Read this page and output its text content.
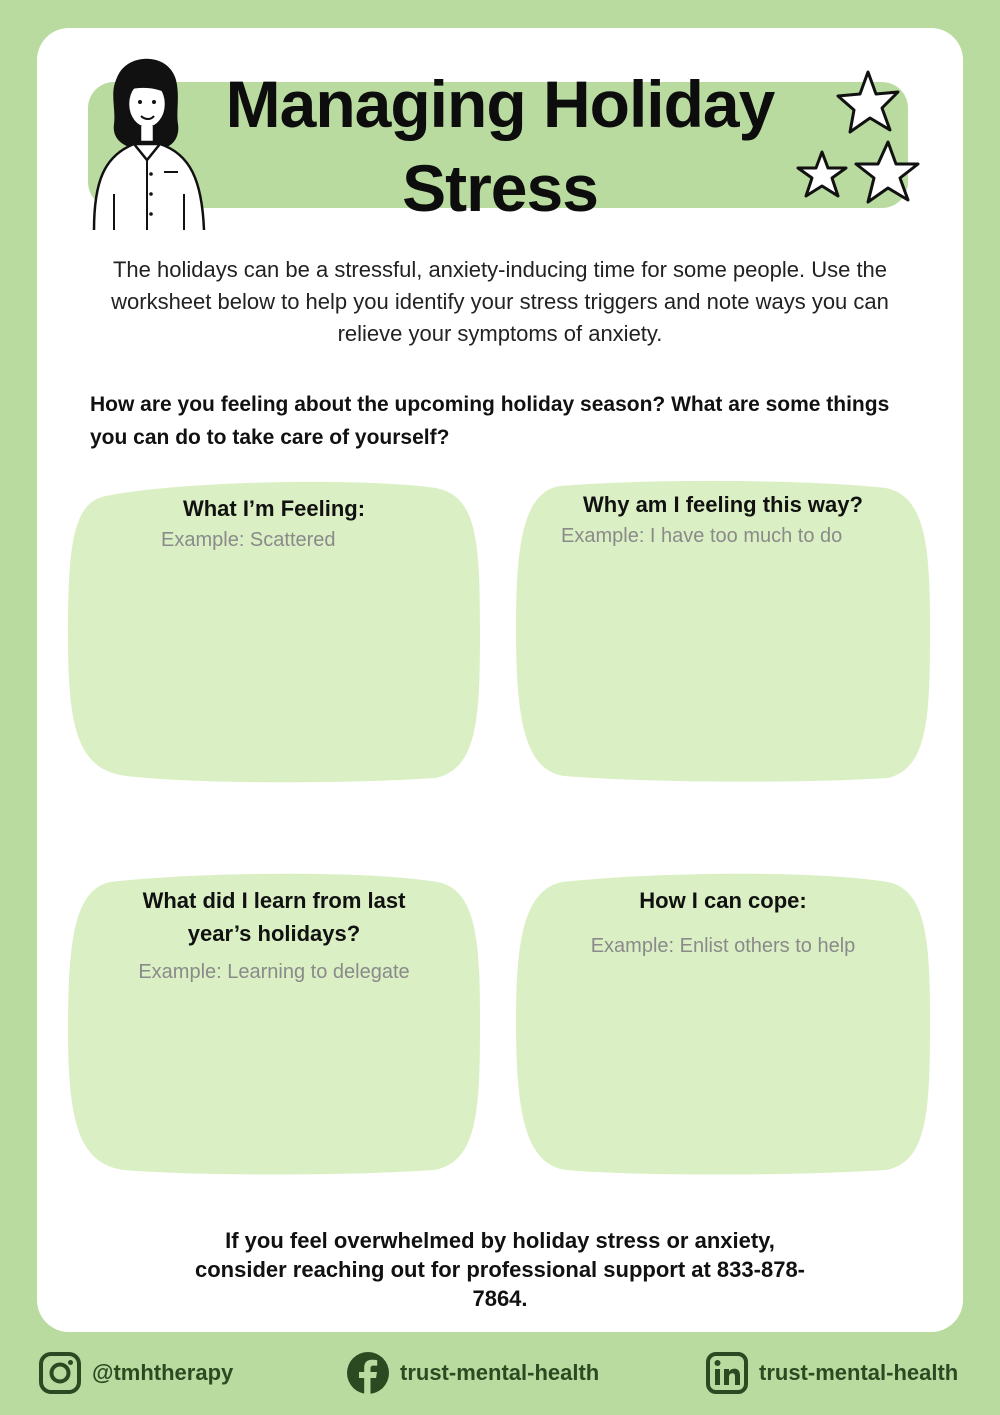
Managing Holiday Stress

The holidays can be a stressful, anxiety-inducing time for some people. Use the worksheet below to help you identify your stress triggers and note ways you can relieve your symptoms of anxiety.

How are you feeling about the upcoming holiday season? What are some things you can do to take care of yourself?

What I’m Feeling:

Example: Scattered

Why am I feeling this way?

Example: I have too much to do

What did I learn from last year’s holidays?

Example: Learning to delegate

How I can cope:

Example: Enlist others to help

If you feel overwhelmed by holiday stress or anxiety, consider reaching out for professional support at 833-878-7864.

@tmhtherapy	trust-mental-health	trust-mental-health
